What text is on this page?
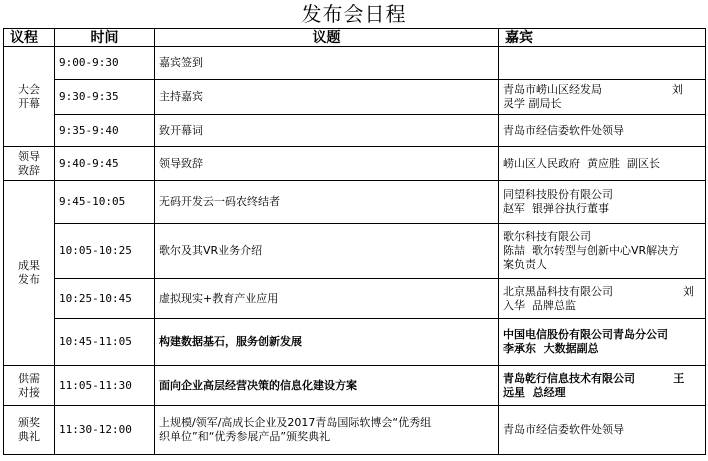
发布会日程
议程	时间	议题	嘉宾

大会
开幕	9:00-9:30	嘉宾签到	

	9:30-9:35	主持嘉宾	青岛市崂山区经发局                    刘
灵学 副局长

	9:35-9:40	致开幕词	青岛市经信委软件处领导

领导
致辞	9:40-9:45	领导致辞	崂山区人民政府  黄应胜  副区长

成果
发布	9:45-10:05	无码开发云一码农终结者	同望科技股份有限公司
赵军  银弹谷执行董事

	10:05-10:25	歌尔及其VR业务介绍	歌尔科技有限公司
陈喆  歌尔转型与创新中心VR解决方
案负责人

	10:25-10:45	虚拟现实+教育产业应用	北京黑晶科技有限公司                    刘
入华  品牌总监

	10:45-11:05	构建数据基石，服务创新发展	中国电信股份有限公司青岛分公司
李承东  大数据副总

供需
对接	11:05-11:30	面向企业高层经营决策的信息化建设方案	青岛乾行信息技术有限公司          王
远星  总经理

颁奖
典礼	11:30-12:00	上规模/领军/高成长企业及2017青岛国际软博会“优秀组
织单位”和“优秀参展产品”颁奖典礼	青岛市经信委软件处领导
